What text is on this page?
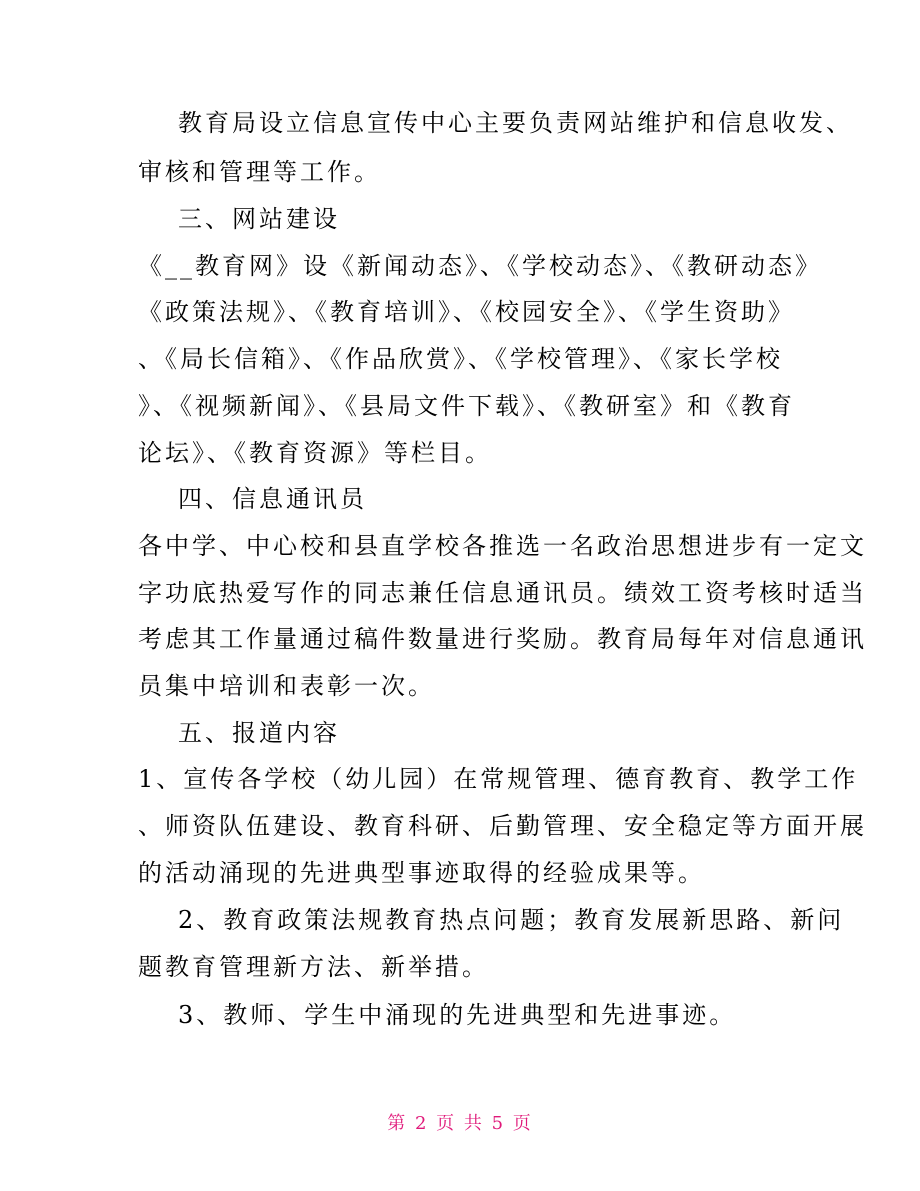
教育局设立信息宣传中心主要负责网站维护和信息收发、
审核和管理等工作。
三、网站建设
《__教育网》设《新闻动态》、《学校动态》、《教研动态》
《政策法规》、《教育培训》、《校园安全》、《学生资助》
、《局长信箱》、《作品欣赏》、《学校管理》、《家长学校
》、《视频新闻》、《县局文件下载》、《教研室》和《教育
论坛》、《教育资源》等栏目。
四、信息通讯员
各中学、中心校和县直学校各推选一名政治思想进步有一定文
字功底热爱写作的同志兼任信息通讯员。绩效工资考核时适当
考虑其工作量通过稿件数量进行奖励。教育局每年对信息通讯
员集中培训和表彰一次。
五、报道内容
1、宣传各学校（幼儿园）在常规管理、德育教育、教学工作
、师资队伍建设、教育科研、后勤管理、安全稳定等方面开展
的活动涌现的先进典型事迹取得的经验成果等。
2、教育政策法规教育热点问题；教育发展新思路、新问
题教育管理新方法、新举措。
3、教师、学生中涌现的先进典型和先进事迹。
第 2 页 共 5 页
